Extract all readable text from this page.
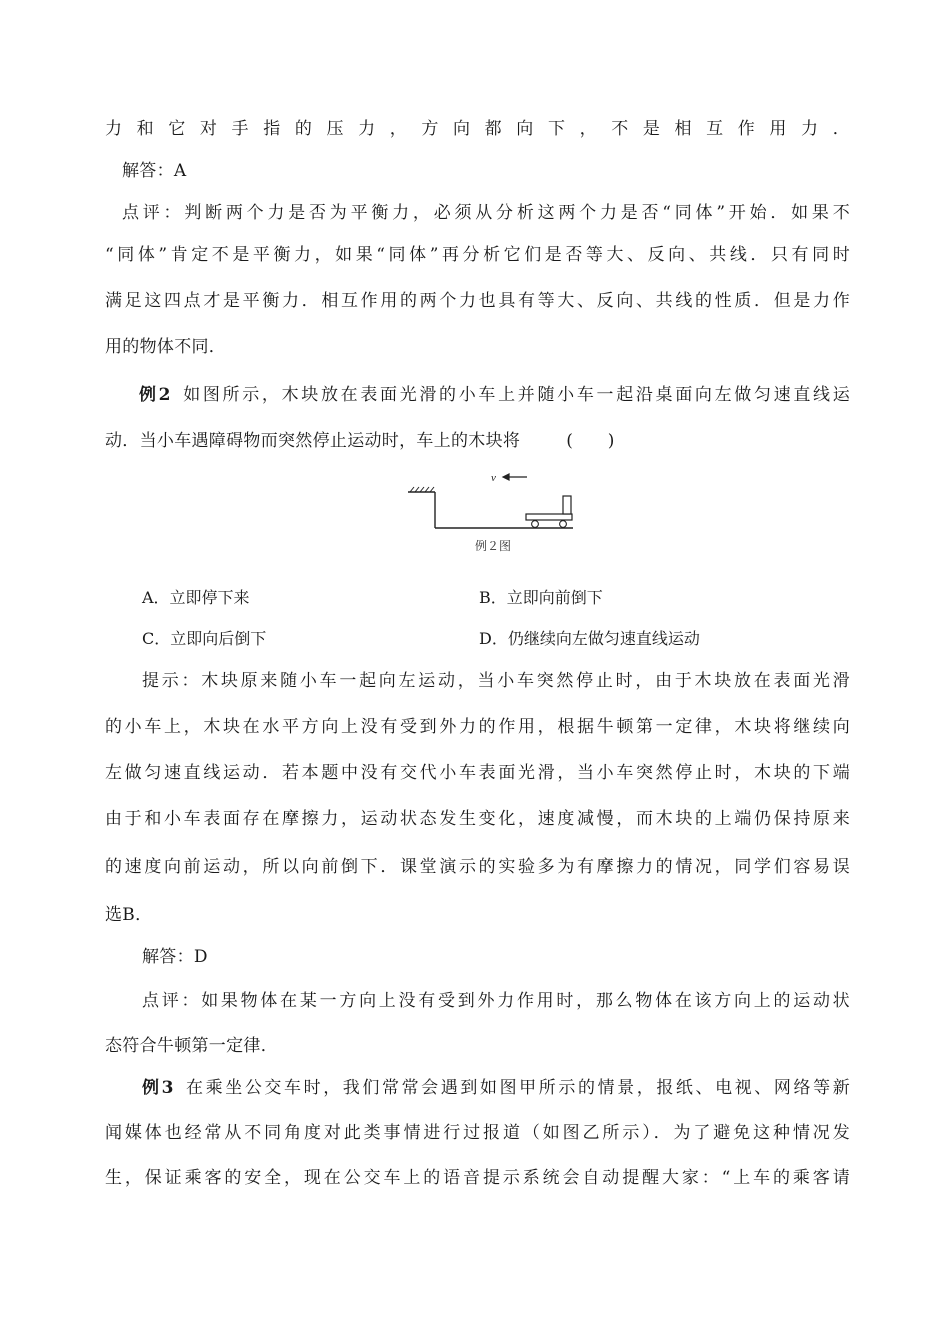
力和它对手指的压力，方向都向下，不是相互作用力．
解答：A
点评：判断两个力是否为平衡力，必须从分析这两个力是否“同体”开始．如果不
“同体”肯定不是平衡力，如果“同体”再分析它们是否等大、反向、共线．只有同时
满足这四点才是平衡力．相互作用的两个力也具有等大、反向、共线的性质．但是力作
用的物体不同．
例2 如图所示，木块放在表面光滑的小车上并随小车一起沿桌面向左做匀速直线运
动．当小车遇障碍物而突然停止运动时，车上的木块将	(　　)
v
例２图
A．立即停下来	B．立即向前倒下
C．立即向后倒下	D．仍继续向左做匀速直线运动
提示：木块原来随小车一起向左运动，当小车突然停止时，由于木块放在表面光滑
的小车上，木块在水平方向上没有受到外力的作用，根据牛顿第一定律，木块将继续向
左做匀速直线运动．若本题中没有交代小车表面光滑，当小车突然停止时，木块的下端
由于和小车表面存在摩擦力，运动状态发生变化，速度减慢，而木块的上端仍保持原来
的速度向前运动，所以向前倒下．课堂演示的实验多为有摩擦力的情况，同学们容易误
选B．
解答：D
点评：如果物体在某一方向上没有受到外力作用时，那么物体在该方向上的运动状
态符合牛顿第一定律．
例3 在乘坐公交车时，我们常常会遇到如图甲所示的情景，报纸、电视、网络等新
闻媒体也经常从不同角度对此类事情进行过报道（如图乙所示）．为了避免这种情况发
生，保证乘客的安全，现在公交车上的语音提示系统会自动提醒大家：“上车的乘客请
